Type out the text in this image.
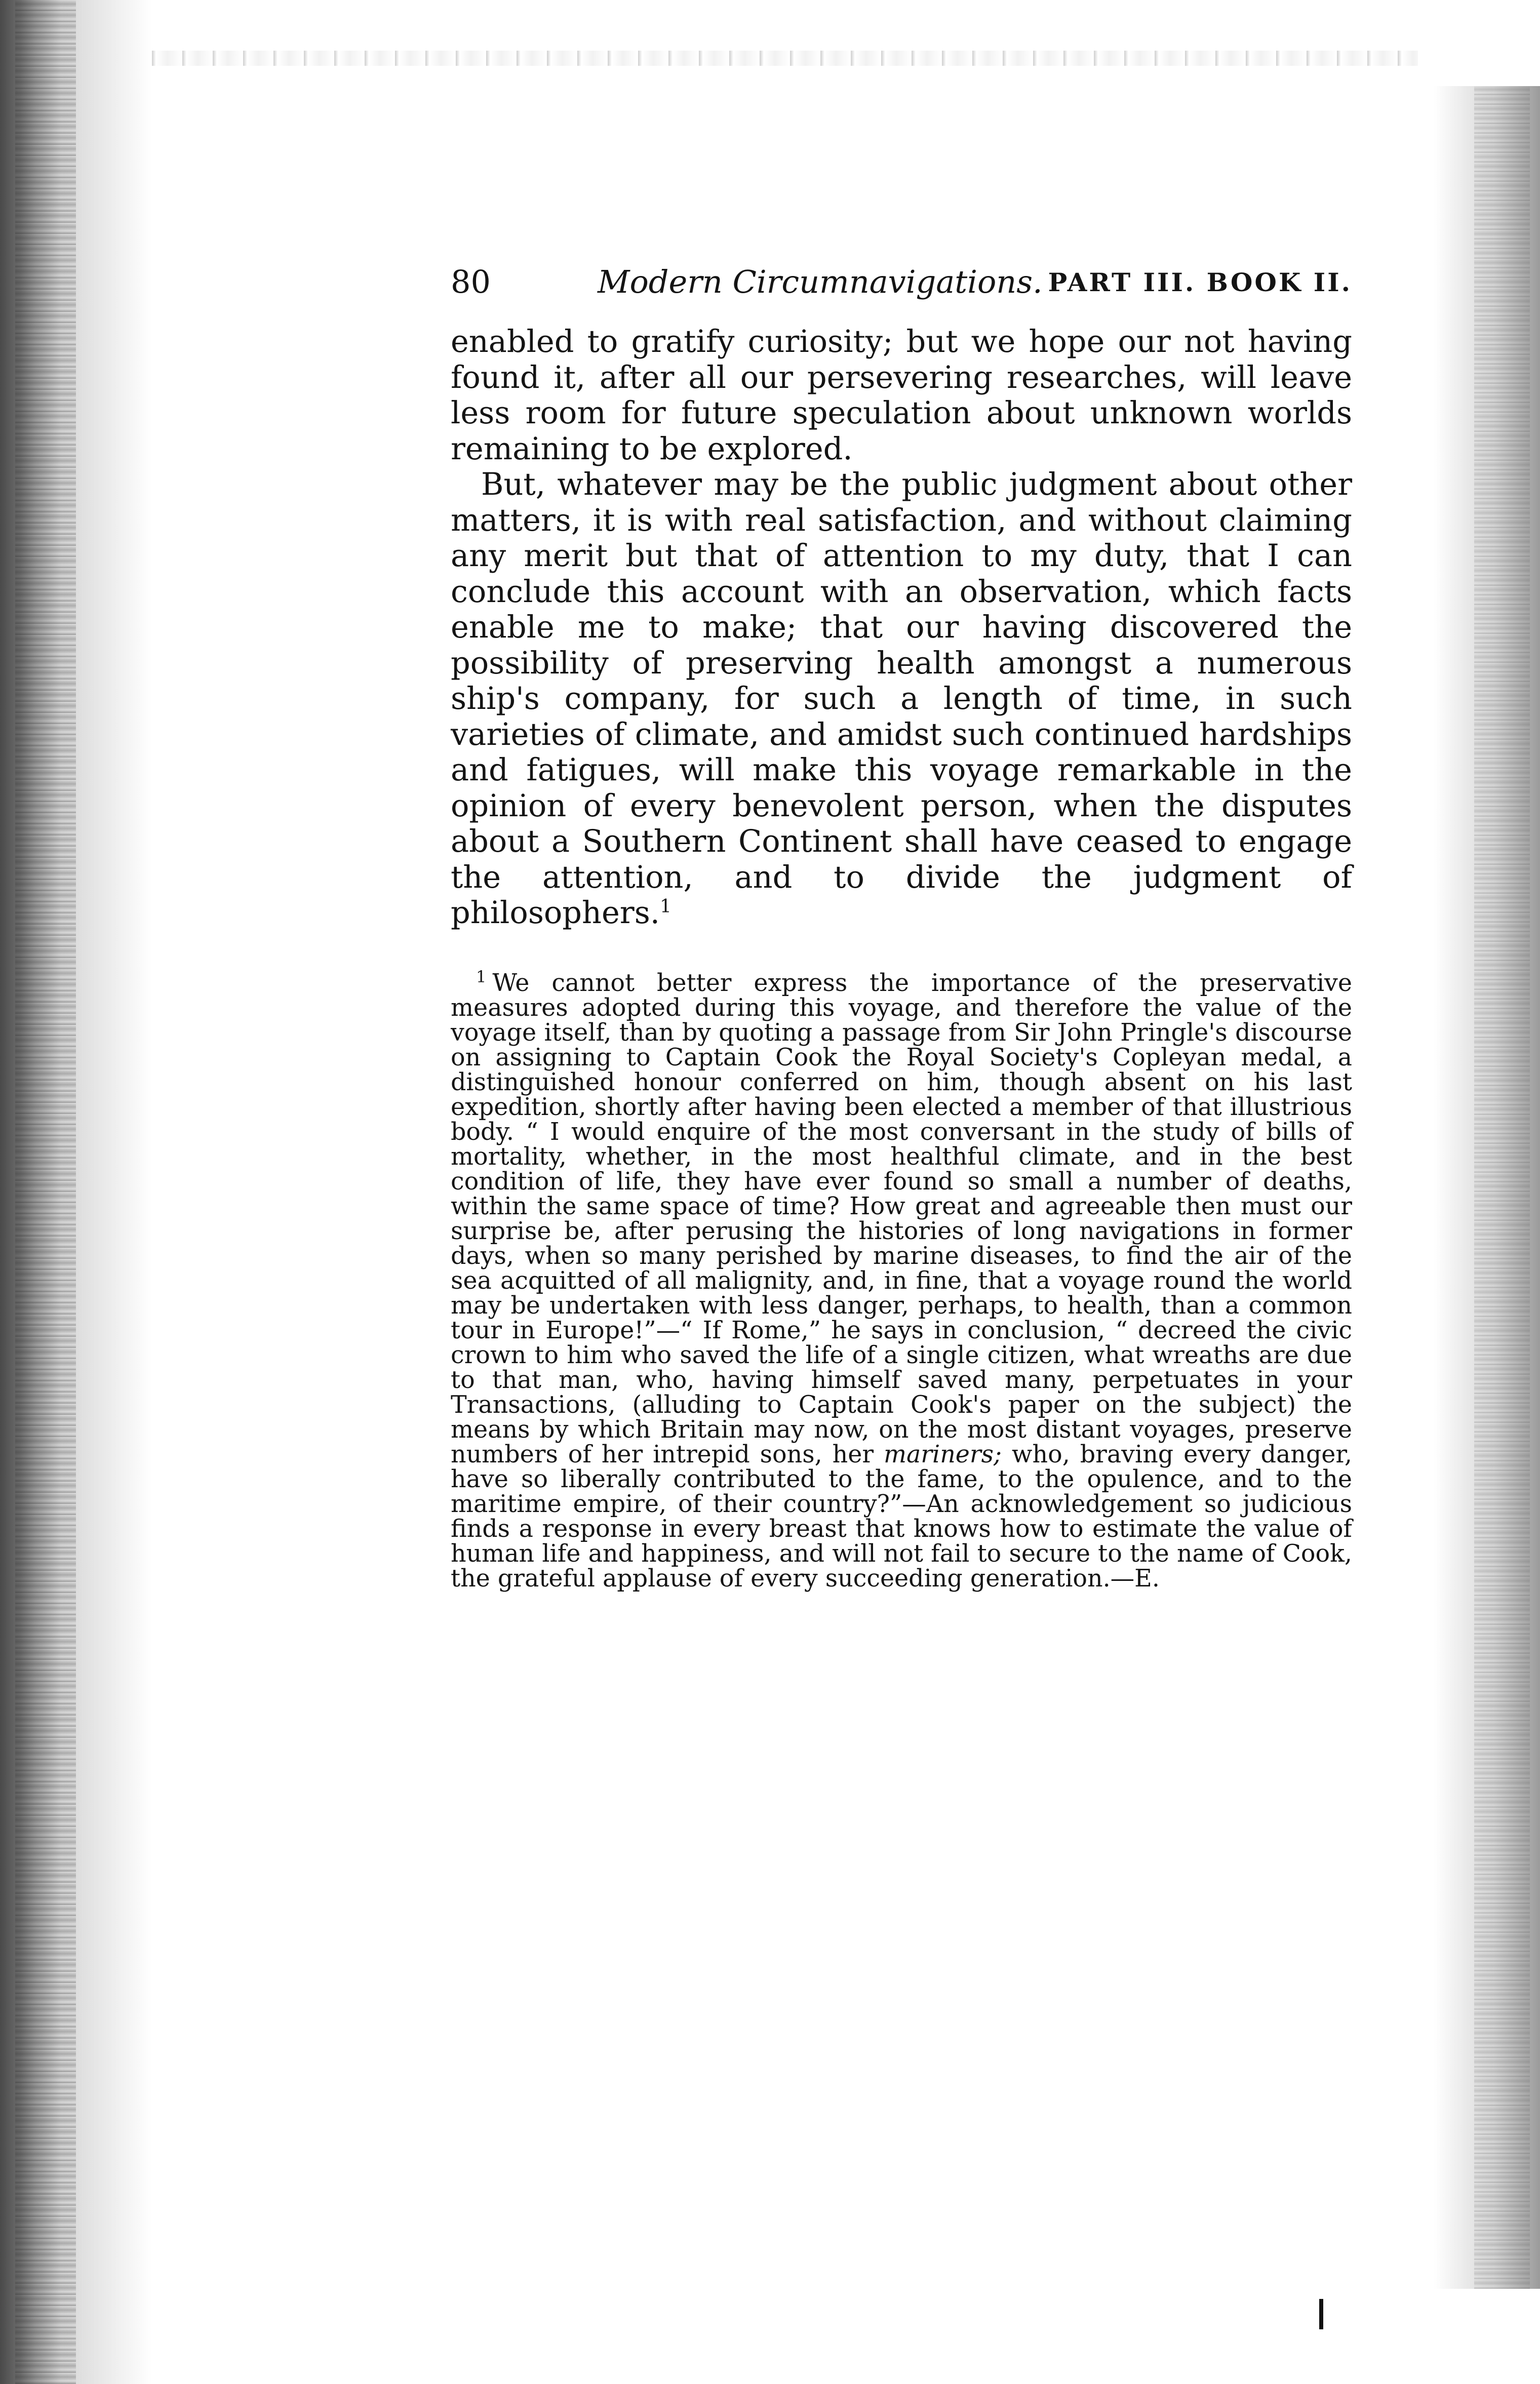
80	Modern Circumnavigations. PART III. BOOK II.

enabled to gratify curiosity; but we hope our not having found it, after all our persevering researches, will leave less room for future speculation about unknown worlds remaining to be explored.

But, whatever may be the public judgment about other matters, it is with real satisfaction, and without claiming any merit but that of attention to my duty, that I can conclude this account with an observation, which facts enable me to make; that our having discovered the possibility of preserving health amongst a numerous ship's company, for such a length of time, in such varieties of climate, and amidst such continued hardships and fatigues, will make this voyage remarkable in the opinion of every benevolent person, when the disputes about a Southern Continent shall have ceased to engage the attention, and to divide the judgment of philosophers.$^1$

$^1$ We cannot better express the importance of the preservative measures adopted during this voyage, and therefore the value of the voyage itself, than by quoting a passage from Sir John Pringle's discourse on assigning to Captain Cook the Royal Society's Copleyan medal, a distinguished honour conferred on him, though absent on his last expedition, shortly after having been elected a member of that illustrious body. “ I would enquire of the most conversant in the study of bills of mortality, whether, in the most healthful climate, and in the best condition of life, they have ever found so small a number of deaths, within the same space of time? How great and agreeable then must our surprise be, after perusing the histories of long navigations in former days, when so many perished by marine diseases, to find the air of the sea acquitted of all malignity, and, in fine, that a voyage round the world may be undertaken with less danger, perhaps, to health, than a common tour in Europe!”—“ If Rome,” he says in conclusion, “ decreed the civic crown to him who saved the life of a single citizen, what wreaths are due to that man, who, having himself saved many, perpetuates in your Transactions, (alluding to Captain Cook's paper on the subject) the means by which Britain may now, on the most distant voyages, preserve numbers of her intrepid sons, her mariners; who, braving every danger, have so liberally contributed to the fame, to the opulence, and to the maritime empire, of their country?”—An acknowledgement so judicious finds a response in every breast that knows how to estimate the value of human life and happiness, and will not fail to secure to the name of Cook, the grateful applause of every succeeding generation.—E.
